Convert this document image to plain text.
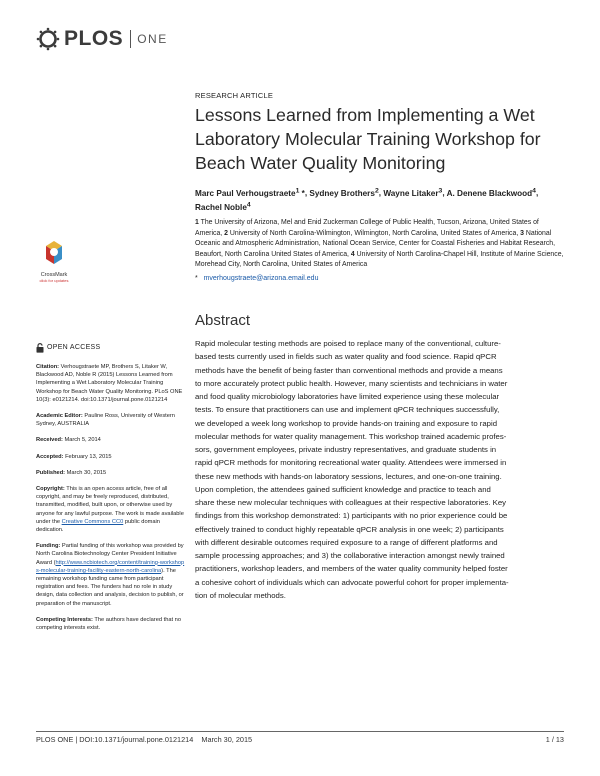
PLOS ONE
RESEARCH ARTICLE
Lessons Learned from Implementing a Wet Laboratory Molecular Training Workshop for Beach Water Quality Monitoring
Marc Paul Verhougstraete$^1$ *, Sydney Brothers$^2$, Wayne Litaker$^3$, A. Denene Blackwood$^4$, Rachel Noble$^4$
1 The University of Arizona, Mel and Enid Zuckerman College of Public Health, Tucson, Arizona, United States of America, 2 University of North Carolina-Wilmington, Wilmington, North Carolina, United States of America, 3 National Oceanic and Atmospheric Administration, National Ocean Service, Center for Coastal Fisheries and Habitat Research, Beaufort, North Carolina United States of America, 4 University of North Carolina-Chapel Hill, Institute of Marine Science, Morehead City, North Carolina, United States of America
* mverhougstraete@arizona.email.edu
CrossMark
click for updates
Abstract
Rapid molecular testing methods are poised to replace many of the conventional, culture-
based tests currently used in fields such as water quality and food science. Rapid qPCR
methods have the benefit of being faster than conventional methods and provide a means
to more accurately protect public health. However, many scientists and technicians in water
and food quality microbiology laboratories have limited experience using these molecular
tests. To ensure that practitioners can use and implement qPCR techniques successfully,
we developed a week long workshop to provide hands-on training and exposure to rapid
molecular methods for water quality management. This workshop trained academic profes-
sors, government employees, private industry representatives, and graduate students in
rapid qPCR methods for monitoring recreational water quality. Attendees were immersed in
these new methods with hands-on laboratory sessions, lectures, and one-on-one training.
Upon completion, the attendees gained sufficient knowledge and practice to teach and
share these new molecular techniques with colleagues at their respective laboratories. Key
findings from this workshop demonstrated: 1) participants with no prior experience could be
effectively trained to conduct highly repeatable qPCR analysis in one week; 2) participants
with different desirable outcomes required exposure to a range of different platforms and
sample processing approaches; and 3) the collaborative interaction amongst newly trained
practitioners, workshop leaders, and members of the water quality community helped foster
a cohesive cohort of individuals which can advocate powerful cohort for proper implementa-
tion of molecular methods.
OPEN ACCESS

Citation: Verhougstraete MP, Brothers S, Litaker W, Blackwood AD, Noble R (2015) Lessons Learned from Implementing a Wet Laboratory Molecular Training Workshop for Beach Water Quality Monitoring. PLoS ONE 10(3): e0121214. doi:10.1371/journal.pone.0121214

Academic Editor: Pauline Ross, University of Western Sydney, AUSTRALIA

Received: March 5, 2014

Accepted: February 13, 2015

Published: March 30, 2015

Copyright: This is an open access article, free of all copyright, and may be freely reproduced, distributed, transmitted, modified, built upon, or otherwise used by anyone for any lawful purpose. The work is made available under the Creative Commons CC0 public domain dedication.

Funding: Partial funding of this workshop was provided by North Carolina Biotechnology Center President Initiative Award (http://www.ncbiotech.org/content/training-workshops-molecular-training-facility-eastern-north-carolina). The remaining workshop funding came from participant registration and fees. The funders had no role in study design, data collection and analysis, decision to publish, or preparation of the manuscript.

Competing Interests: The authors have declared that no competing interests exist.

PLOS ONE | DOI:10.1371/journal.pone.0121214    March 30, 2015	1 / 13
